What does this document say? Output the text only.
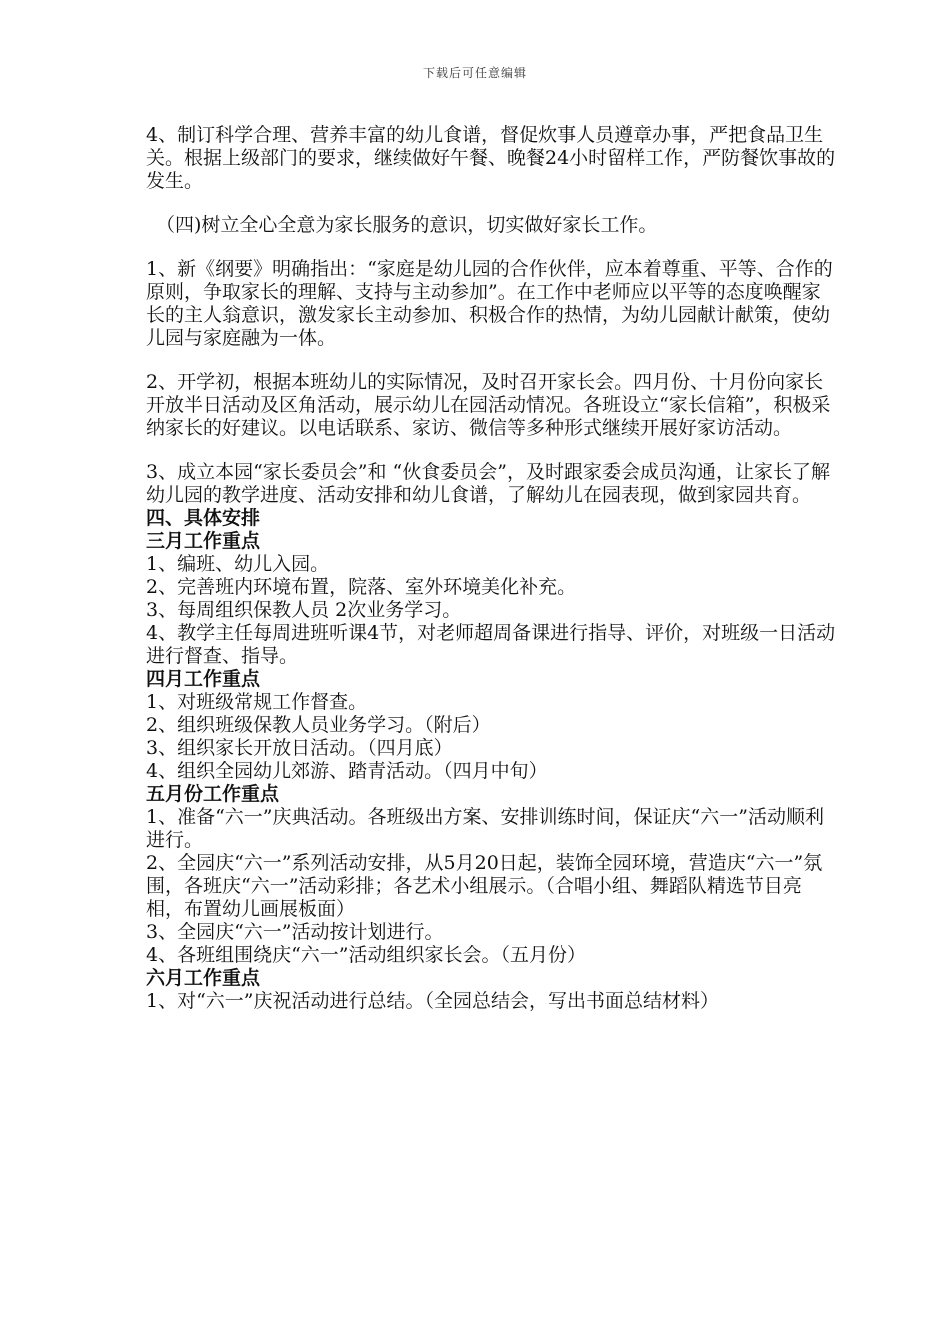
下载后可任意编辑

4、制订科学合理、营养丰富的幼儿食谱，督促炊事人员遵章办事，严把食品卫生关。根据上级部门的要求，继续做好午餐、晚餐24小时留样工作，严防餐饮事故的发生。

（四)树立全心全意为家长服务的意识，切实做好家长工作。

1、新《纲要》明确指出：“家庭是幼儿园的合作伙伴，应本着尊重、平等、合作的原则，争取家长的理解、支持与主动参加”。在工作中老师应以平等的态度唤醒家长的主人翁意识，激发家长主动参加、积极合作的热情，为幼儿园献计献策，使幼儿园与家庭融为一体。

2、开学初，根据本班幼儿的实际情况，及时召开家长会。四月份、十月份向家长开放半日活动及区角活动，展示幼儿在园活动情况。各班设立“家长信箱”，积极采纳家长的好建议。以电话联系、家访、微信等多种形式继续开展好家访活动。

3、成立本园“家长委员会”和 “伙食委员会”，及时跟家委会成员沟通，让家长了解幼儿园的教学进度、活动安排和幼儿食谱，了解幼儿在园表现，做到家园共育。

四、具体安排

三月工作重点

1、编班、幼儿入园。

2、完善班内环境布置，院落、室外环境美化补充。

3、每周组织保教人员 2次业务学习。

4、教学主任每周进班听课4节，对老师超周备课进行指导、评价，对班级一日活动进行督查、指导。

四月工作重点

1、对班级常规工作督查。

2、组织班级保教人员业务学习。（附后）

3、组织家长开放日活动。（四月底）

4、组织全园幼儿郊游、踏青活动。（四月中旬）

五月份工作重点

1、准备“六一”庆典活动。各班级出方案、安排训练时间，保证庆“六一”活动顺利进行。

2、全园庆“六一”系列活动安排，从5月20日起，装饰全园环境，营造庆“六一”氛围，各班庆“六一”活动彩排；各艺术小组展示。（合唱小组、舞蹈队精选节目亮相，布置幼儿画展板面）

3、全园庆“六一”活动按计划进行。

4、各班组围绕庆“六一”活动组织家长会。（五月份）

六月工作重点

1、对“六一”庆祝活动进行总结。（全园总结会，写出书面总结材料）
